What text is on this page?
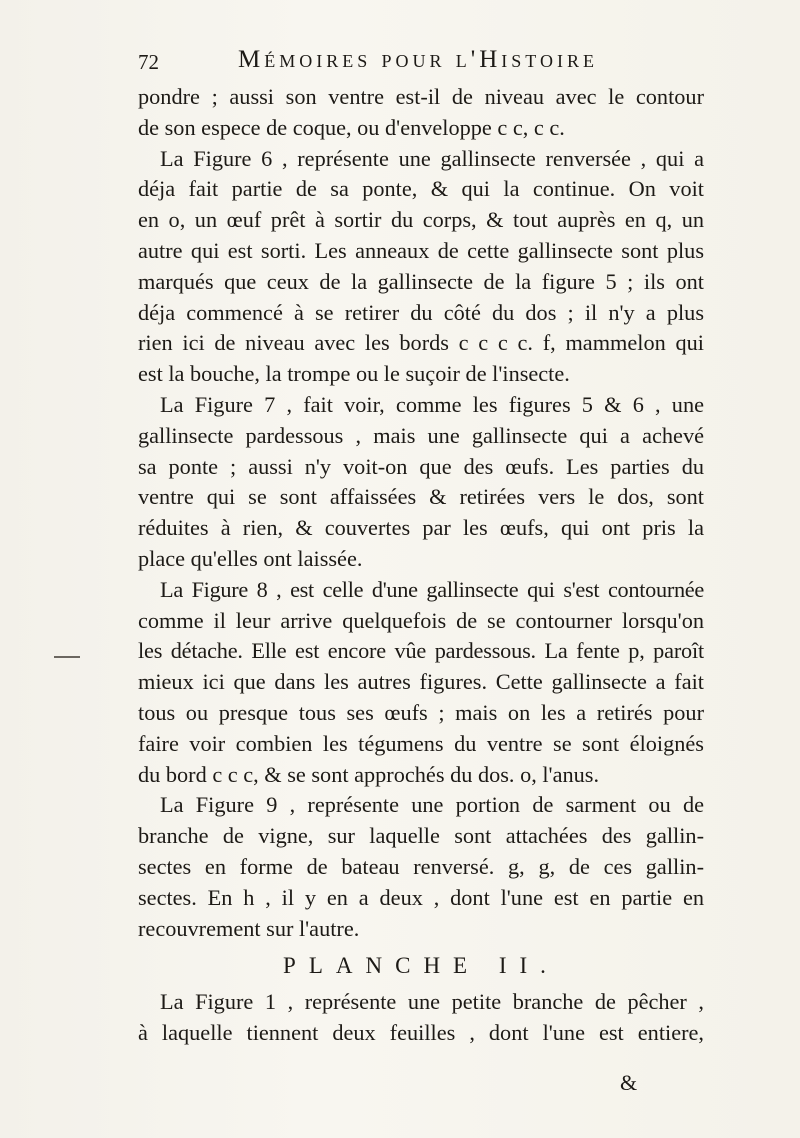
72	Mémoires pour l'Histoire
pondre ; aussi son ventre est-il de niveau avec le contour
de son espece de coque, ou d'enveloppe c c, c c.
La Figure 6 , représente une gallinsecte renversée , qui a
déja fait partie de sa ponte, & qui la continue. On voit
en o, un œuf prêt à sortir du corps, & tout auprès en q, un
autre qui est sorti. Les anneaux de cette gallinsecte sont plus
marqués que ceux de la gallinsecte de la figure 5 ; ils ont
déja commencé à se retirer du côté du dos ; il n'y a plus
rien ici de niveau avec les bords c c c c. f, mammelon qui
est la bouche, la trompe ou le suçoir de l'insecte.
La Figure 7 , fait voir, comme les figures 5 & 6 , une
gallinsecte pardessous , mais une gallinsecte qui a achevé
sa ponte ; aussi n'y voit-on que des œufs. Les parties du
ventre qui se sont affaissées & retirées vers le dos, sont
réduites à rien, & couvertes par les œufs, qui ont pris la
place qu'elles ont laissée.
La Figure 8 , est celle d'une gallinsecte qui s'est contournée
comme il leur arrive quelquefois de se contourner lorsqu'on
les détache. Elle est encore vûe pardessous. La fente p, paroît
mieux ici que dans les autres figures. Cette gallinsecte a fait
tous ou presque tous ses œufs ; mais on les a retirés pour
faire voir combien les tégumens du ventre se sont éloignés
du bord c c c, & se sont approchés du dos. o, l'anus.
La Figure 9 , représente une portion de sarment ou de
branche de vigne, sur laquelle sont attachées des gallin-
sectes en forme de bateau renversé. g, g, de ces gallin-
sectes. En h , il y en a deux , dont l'une est en partie en
recouvrement sur l'autre.
PLANCHE II.
La Figure 1 , représente une petite branche de pêcher ,
à laquelle tiennent deux feuilles , dont l'une est entiere,
&
